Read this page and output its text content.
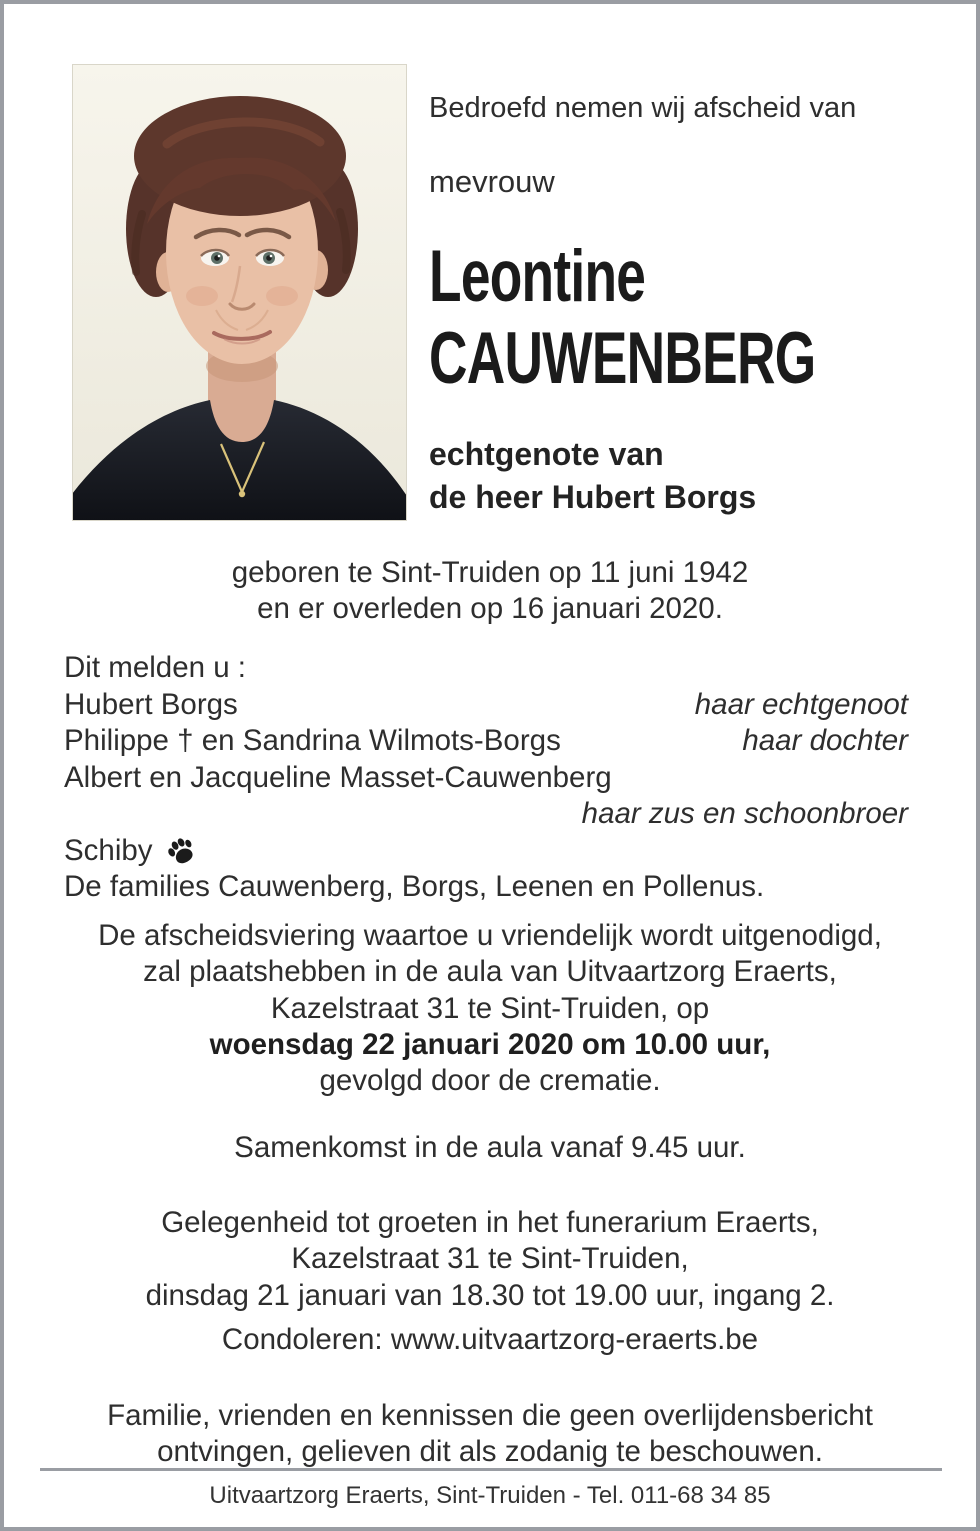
Bedroefd nemen wij afscheid van
mevrouw
Leontine
CAUWENBERG
echtgenote van
de heer Hubert Borgs
geboren te Sint-Truiden op 11 juni 1942
en er overleden op 16 januari 2020.
Dit melden u :
Hubert Borgs	haar echtgenoot
Philippe † en Sandrina Wilmots-Borgs	haar dochter
Albert en Jacqueline Masset-Cauwenberg
haar zus en schoonbroer
Schiby
De families Cauwenberg, Borgs, Leenen en Pollenus.
De afscheidsviering waartoe u vriendelijk wordt uitgenodigd,
zal plaatshebben in de aula van Uitvaartzorg Eraerts,
Kazelstraat 31 te Sint-Truiden, op
woensdag 22 januari 2020 om 10.00 uur,
gevolgd door de crematie.
Samenkomst in de aula vanaf 9.45 uur.
Gelegenheid tot groeten in het funerarium Eraerts,
Kazelstraat 31 te Sint-Truiden,
dinsdag 21 januari van 18.30 tot 19.00 uur, ingang 2.
Condoleren: www.uitvaartzorg-eraerts.be
Familie, vrienden en kennissen die geen overlijdensbericht
ontvingen, gelieven dit als zodanig te beschouwen.
Uitvaartzorg Eraerts, Sint-Truiden - Tel. 011-68 34 85
